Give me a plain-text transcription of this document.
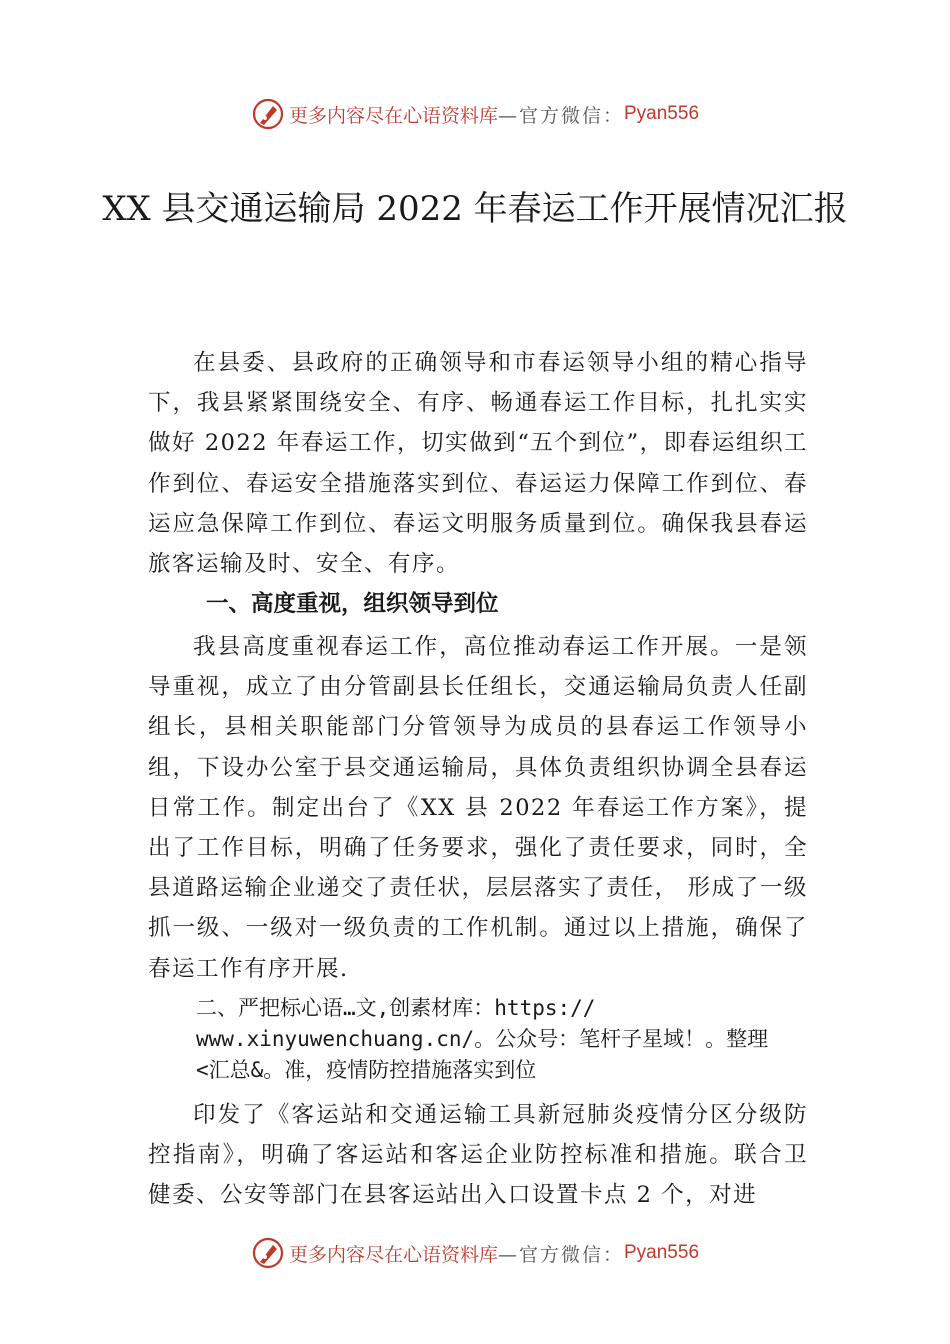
更多内容尽在心语资料库 —官方微信： Pyan556
XX 县交通运输局 2022 年春运工作开展情况汇报

在县委、县政府的正确领导和市春运领导小组的精心指导下，我县紧紧围绕安全、有序、畅通春运工作目标，扎扎实实做好 2022 年春运工作，切实做到“五个到位”，即春运组织工作到位、春运安全措施落实到位、春运运力保障工作到位、春运应急保障工作到位、春运文明服务质量到位。确保我县春运旅客运输及时、安全、有序。

一、高度重视，组织领导到位

我县高度重视春运工作，高位推动春运工作开展。一是领导重视，成立了由分管副县长任组长，交通运输局负责人任副组长，县相关职能部门分管领导为成员的县春运工作领导小组，下设办公室于县交通运输局，具体负责组织协调全县春运日常工作。制定出台了《XX 县 2022 年春运工作方案》，提出了工作目标，明确了任务要求，强化了责任要求，同时，全县道路运输企业递交了责任状，层层落实了责任， 形成了一级抓一级、一级对一级负责的工作机制。通过以上措施，确保了春运工作有序开展.

二、严把标心语…文,创素材库：https://
www.xinyuwenchuang.cn/。公众号：笔杆子星域！。整理
<汇总&。准，疫情防控措施落实到位

印发了《客运站和交通运输工具新冠肺炎疫情分区分级防控指南》，明确了客运站和客运企业防控标准和措施。联合卫健委、公安等部门在县客运站出入口设置卡点 2 个，对进

更多内容尽在心语资料库 —官方微信： Pyan556
